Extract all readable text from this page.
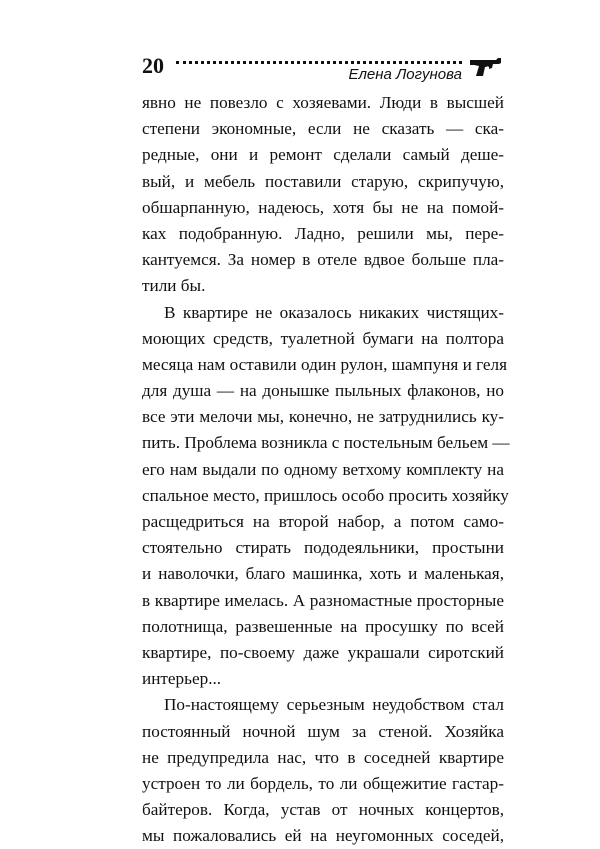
20	Елена Логунова
явно не повезло с хозяевами. Люди в высшей
степени экономные, если не сказать — ска-
редные, они и ремонт сделали самый деше-
вый, и мебель поставили старую, скрипучую,
обшарпанную, надеюсь, хотя бы не на помой-
ках подобранную. Ладно, решили мы, пере-
кантуемся. За номер в отеле вдвое больше пла-
тили бы.
В квартире не оказалось никаких чистящих-
моющих средств, туалетной бумаги на полтора
месяца нам оставили один рулон, шампуня и геля
для душа — на донышке пыльных флаконов, но
все эти мелочи мы, конечно, не затруднились ку-
пить. Проблема возникла с постельным бельем —
его нам выдали по одному ветхому комплекту на
спальное место, пришлось особо просить хозяйку
расщедриться на второй набор, а потом само-
стоятельно стирать пододеяльники, простыни
и наволочки, благо машинка, хоть и маленькая,
в квартире имелась. А разномастные просторные
полотнища, развешенные на просушку по всей
квартире, по-своему даже украшали сиротский
интерьер...
По-настоящему серьезным неудобством стал
постоянный ночной шум за стеной. Хозяйка
не предупредила нас, что в соседней квартире
устроен то ли бордель, то ли общежитие гастар-
байтеров. Когда, устав от ночных концертов,
мы пожаловались ей на неугомонных соседей,
